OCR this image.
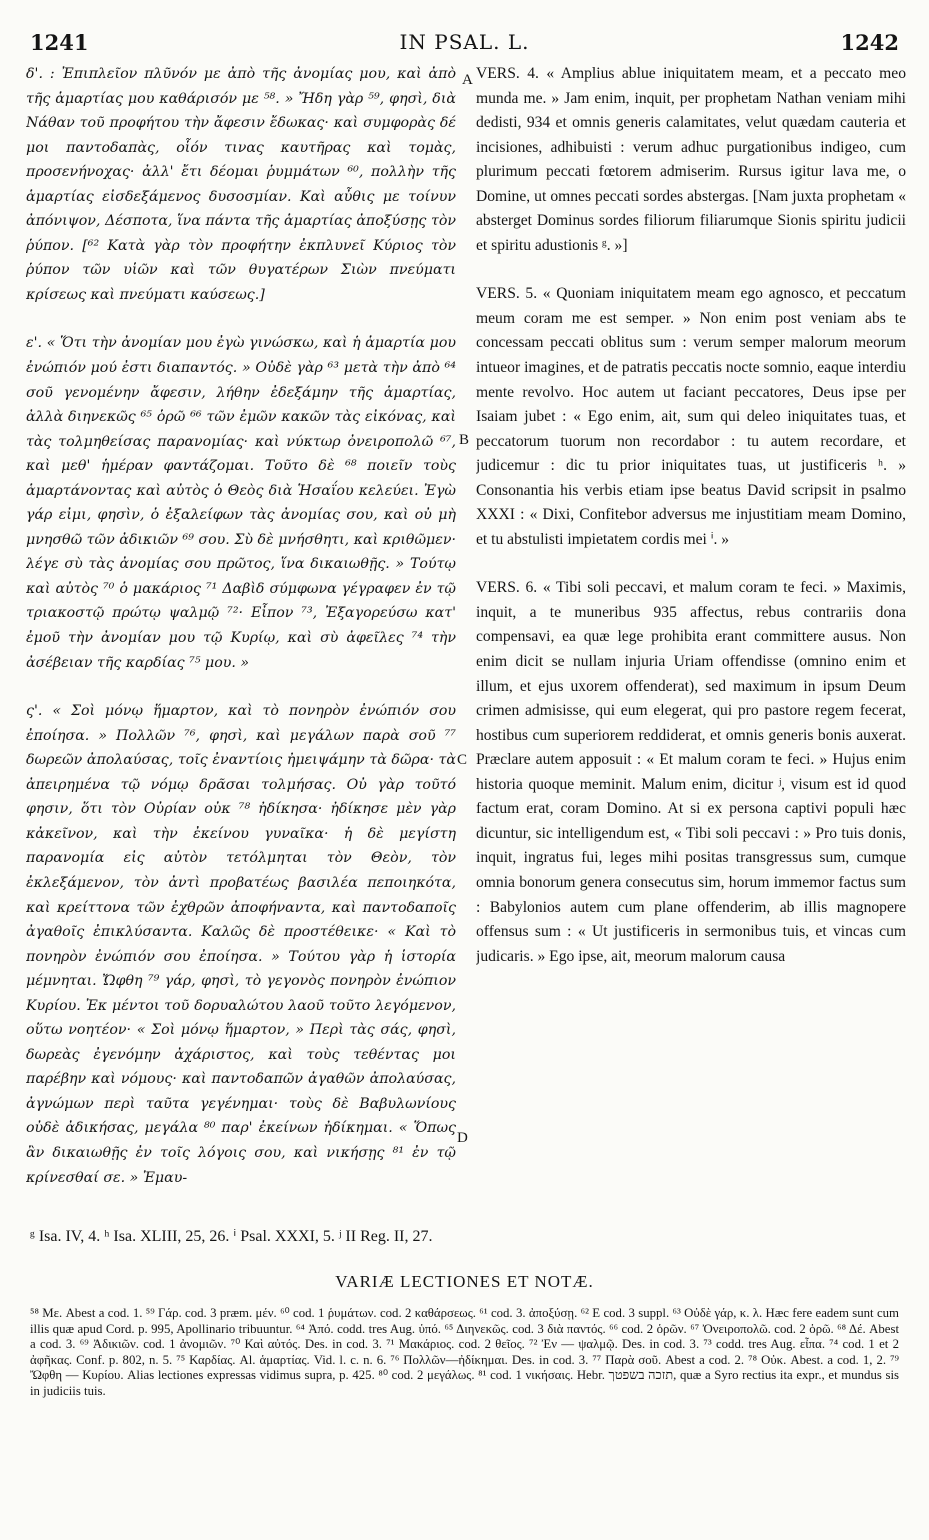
1241	IN PSAL. L.	1242

δ'. : Ἐπιπλεῖον πλῦνόν με ἀπὸ τῆς ἀνομίας μου, καὶ ἀπὸ τῆς ἁμαρτίας μου καθάρισόν με ⁵⁸. » Ἤδη γὰρ ⁵⁹, φησὶ, διὰ Νάθαν τοῦ προφήτου τὴν ἄφεσιν ἔδωκας· καὶ συμφορὰς δέ μοι παντοδαπὰς, οἷόν τινας καυτῆρας καὶ τομὰς, προσενήνοχας· ἀλλ' ἔτι δέομαι ῥυμμάτων ⁶⁰, πολλὴν τῆς ἁμαρτίας εἰσδεξάμενος δυσοσμίαν. Καὶ αὖθις με τοίνυν ἀπόνιψον, Δέσποτα, ἵνα πάντα τῆς ἁμαρτίας ἀποξύσῃς τὸν ῥύπον. [⁶² Κατὰ γὰρ τὸν προφήτην ἐκπλυνεῖ Κύριος τὸν ῥύπον τῶν υἱῶν καὶ τῶν θυγατέρων Σιὼν πνεύματι κρίσεως καὶ πνεύματι καύσεως.]

ε'. « Ὅτι τὴν ἀνομίαν μου ἐγὼ γινώσκω, καὶ ἡ ἁμαρτία μου ἐνώπιόν μού ἐστι διαπαντός. » Οὐδὲ γὰρ ⁶³ μετὰ τὴν ἀπὸ ⁶⁴ σοῦ γενομένην ἄφεσιν, λήθην ἐδεξάμην τῆς ἁμαρτίας, ἀλλὰ διηνεκῶς ⁶⁵ ὁρῶ ⁶⁶ τῶν ἐμῶν κακῶν τὰς εἰκόνας, καὶ τὰς τολμηθείσας παρανομίας· καὶ νύκτωρ ὀνειροπολῶ ⁶⁷, καὶ μεθ' ἡμέραν φαντάζομαι. Τοῦτο δὲ ⁶⁸ ποιεῖν τοὺς ἁμαρτάνοντας καὶ αὐτὸς ὁ Θεὸς διὰ Ἡσαΐου κελεύει. Ἐγὼ γάρ εἰμι, φησὶν, ὁ ἐξαλείφων τὰς ἀνομίας σου, καὶ οὐ μὴ μνησθῶ τῶν ἀδικιῶν ⁶⁹ σου. Σὺ δὲ μνήσθητι, καὶ κριθῶμεν· λέγε σὺ τὰς ἀνομίας σου πρῶτος, ἵνα δικαιωθῇς. » Τούτῳ καὶ αὐτὸς ⁷⁰ ὁ μακάριος ⁷¹ Δαβὶδ σύμφωνα γέγραφεν ἐν τῷ τριακοστῷ πρώτῳ ψαλμῷ ⁷²· Εἶπον ⁷³, Ἐξαγορεύσω κατ' ἐμοῦ τὴν ἀνομίαν μου τῷ Κυρίῳ, καὶ σὺ ἀφεῖλες ⁷⁴ τὴν ἀσέβειαν τῆς καρδίας ⁷⁵ μου. »

ς'. « Σοὶ μόνῳ ἥμαρτον, καὶ τὸ πονηρὸν ἐνώπιόν σου ἐποίησα. » Πολλῶν ⁷⁶, φησὶ, καὶ μεγάλων παρὰ σοῦ ⁷⁷ δωρεῶν ἀπολαύσας, τοῖς ἐναντίοις ἠμειψάμην τὰ δῶρα· τὰ ἀπειρημένα τῷ νόμῳ δρᾶσαι τολμήσας. Οὐ γὰρ τοῦτό φησιν, ὅτι τὸν Οὐρίαν οὐκ ⁷⁸ ἠδίκησα· ἠδίκησε μὲν γὰρ κἀκεῖνον, καὶ τὴν ἐκείνου γυναῖκα· ἡ δὲ μεγίστη παρανομία εἰς αὐτὸν τετόλμηται τὸν Θεὸν, τὸν ἐκλεξάμενον, τὸν ἀντὶ προβατέως βασιλέα πεποιηκότα, καὶ κρείττονα τῶν ἐχθρῶν ἀποφήναντα, καὶ παντοδαποῖς ἀγαθοῖς ἐπικλύσαντα. Καλῶς δὲ προστέθεικε· « Καὶ τὸ πονηρὸν ἐνώπιόν σου ἐποίησα. » Τούτου γὰρ ἡ ἱστορία μέμνηται. Ὤφθη ⁷⁹ γάρ, φησὶ, τὸ γεγονὸς πονηρὸν ἐνώπιον Κυρίου. Ἐκ μέντοι τοῦ δορυαλώτου λαοῦ τοῦτο λεγόμενον, οὕτω νοητέον· « Σοὶ μόνῳ ἥμαρτον, » Περὶ τὰς σάς, φησὶ, δωρεὰς ἐγενόμην ἀχάριστος, καὶ τοὺς τεθέντας μοι παρέβην καὶ νόμους· καὶ παντοδαπῶν ἀγαθῶν ἀπολαύσας, ἀγνώμων περὶ ταῦτα γεγένημαι· τοὺς δὲ Βαβυλωνίους οὐδὲ ἀδικήσας, μεγάλα ⁸⁰ παρ' ἐκείνων ἠδίκημαι. « Ὅπως ἂν δικαιωθῇς ἐν τοῖς λόγοις σου, καὶ νικήσῃς ⁸¹ ἐν τῷ κρίνεσθαί σε. » Ἐμαυ-

VERS. 4. « Amplius ablue iniquitatem meam, et a peccato meo munda me. » Jam enim, inquit, per prophetam Nathan veniam mihi dedisti, 934 et omnis generis calamitates, velut quædam cauteria et incisiones, adhibuisti : verum adhuc purgationibus indigeo, cum plurimum peccati fœtorem admiserim. Rursus igitur lava me, o Domine, ut omnes peccati sordes abstergas. [Nam juxta prophetam « absterget Dominus sordes filiorum filiarumque Sionis spiritu judicii et spiritu adustionis ᵍ. »]

VERS. 5. « Quoniam iniquitatem meam ego agnosco, et peccatum meum coram me est semper. » Non enim post veniam abs te concessam peccati oblitus sum : verum semper malorum meorum intueor imagines, et de patratis peccatis nocte somnio, eaque interdiu mente revolvo. Hoc autem ut faciant peccatores, Deus ipse per Isaiam jubet : « Ego enim, ait, sum qui deleo iniquitates tuas, et peccatorum tuorum non recordabor : tu autem recordare, et judicemur : dic tu prior iniquitates tuas, ut justificeris ʰ. » Consonantia his verbis etiam ipse beatus David scripsit in psalmo XXXI : « Dixi, Confitebor adversus me injustitiam meam Domino, et tu abstulisti impietatem cordis mei ⁱ. »

VERS. 6. « Tibi soli peccavi, et malum coram te feci. » Maximis, inquit, a te muneribus 935 affectus, rebus contrariis dona compensavi, ea quæ lege prohibita erant committere ausus. Non enim dicit se nullam injuria Uriam offendisse (omnino enim et illum, et ejus uxorem offenderat), sed maximum in ipsum Deum crimen admisisse, qui eum elegerat, qui pro pastore regem fecerat, hostibus cum superiorem reddiderat, et omnis generis bonis auxerat. Præclare autem apposuit : « Et malum coram te feci. » Hujus enim historia quoque meminit. Malum enim, dicitur ʲ, visum est id quod factum erat, coram Domino. At si ex persona captivi populi hæc dicuntur, sic intelligendum est, « Tibi soli peccavi : » Pro tuis donis, inquit, ingratus fui, leges mihi positas transgressus sum, cumque omnia bonorum genera consecutus sim, horum immemor factus sum : Babylonios autem cum plane offenderim, ab illis magnopere offensus sum : « Ut justificeris in sermonibus tuis, et vincas cum judicaris. » Ego ipse, ait, meorum malorum causa

A
B
C
D
ᵍ Isa. IV, 4. ʰ Isa. XLIII, 25, 26. ⁱ Psal. XXXI, 5. ʲ II Reg. II, 27.
VARIÆ LECTIONES ET NOTÆ.
⁵⁸ Με. Abest a cod. 1. ⁵⁹ Γάρ. cod. 3 præm. μέν. ⁶⁰ cod. 1 ῥυμάτων. cod. 2 καθάρσεως. ⁶¹ cod. 3. ἀποξύσῃ. ⁶² E cod. 3 suppl. ⁶³ Οὐδὲ γάρ, κ. λ. Hæc fere eadem sunt cum illis quæ apud Cord. p. 995, Apollinario tribuuntur. ⁶⁴ Ἀπό. codd. tres Aug. ὑπό. ⁶⁵ Διηνεκῶς. cod. 3 διὰ παντός. ⁶⁶ cod. 2 ὁρῶν. ⁶⁷ Ὀνειροπολῶ. cod. 2 ὁρῶ. ⁶⁸ Δέ. Abest a cod. 3. ⁶⁹ Ἀδικιῶν. cod. 1 ἀνομιῶν. ⁷⁰ Καὶ αὐτός. Des. in cod. 3. ⁷¹ Μακάριος. cod. 2 θεῖος. ⁷² Ἐν — ψαλμῷ. Des. in cod. 3. ⁷³ codd. tres Aug. εἶπα. ⁷⁴ cod. 1 et 2 ἀφῆκας. Conf. p. 802, n. 5. ⁷⁵ Καρδίας. Al. ἁμαρτίας. Vid. l. c. n. 6. ⁷⁶ Πολλῶν—ἠδίκημαι. Des. in cod. 3. ⁷⁷ Παρὰ σοῦ. Abest a cod. 2. ⁷⁸ Οὐκ. Abest. a cod. 1, 2. ⁷⁹ Ὤφθη — Κυρίου. Alias lectiones expressas vidimus supra, p. 425. ⁸⁰ cod. 2 μεγάλως. ⁸¹ cod. 1 νικήσαις. Hebr. תזכה בשפטך, quæ a Syro rectius ita expr., et mundus sis in judiciis tuis.
